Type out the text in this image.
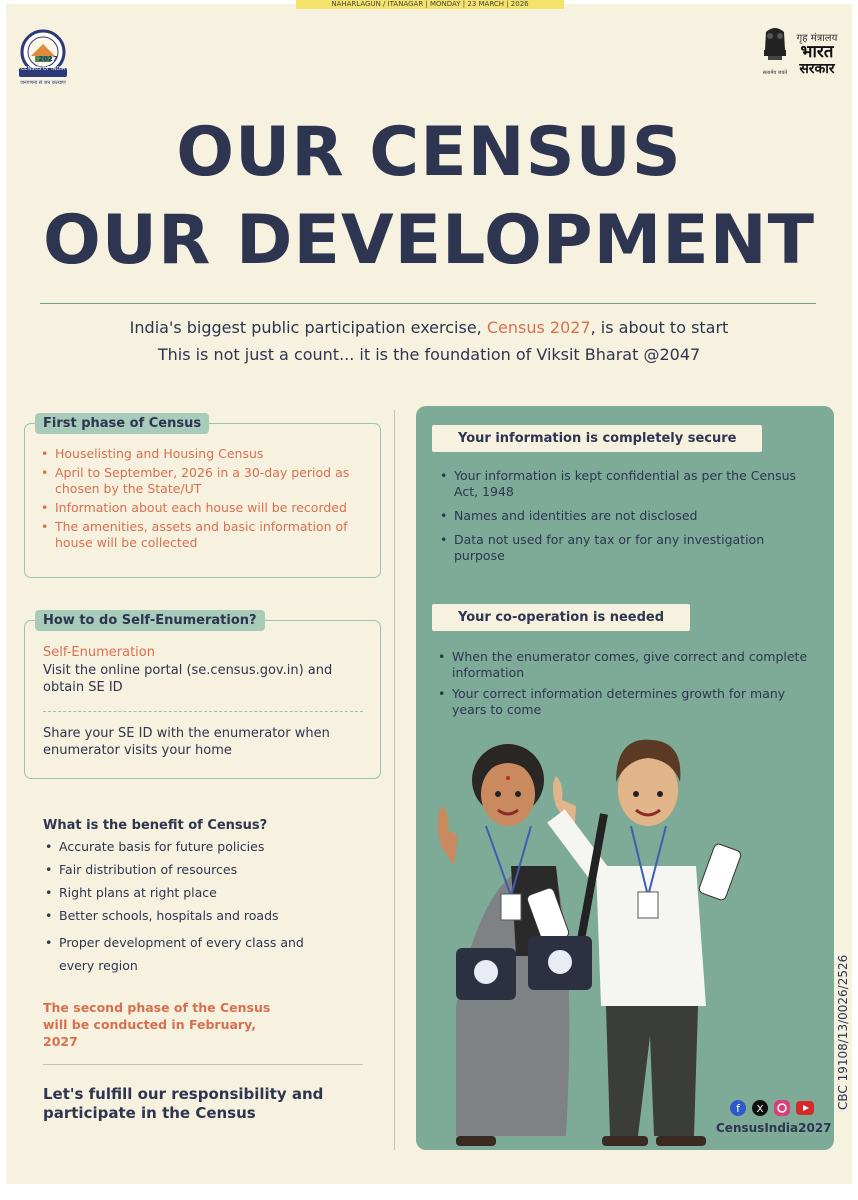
NAHARLAGUN / ITANAGAR | MONDAY | 23 MARCH | 2026
2027
CENSUS OF INDIA
जनगणना से जन कल्याण
सत्यमेव जयते
गृह मंत्रालय
भारत
सरकार
OUR CENSUS
OUR DEVELOPMENT
India's biggest public participation exercise, Census 2027, is about to start
This is not just a count... it is the foundation of Viksit Bharat @2047
• Houselisting and Housing Census
• April to September, 2026 in a 30-day period as chosen by the State/UT
• Information about each house will be recorded
• The amenities, assets and basic information of house will be collected
First phase of Census
Self-Enumeration
Visit the online portal (se.census.gov.in) and obtain SE ID
Share your SE ID with the enumerator when enumerator visits your home
How to do Self-Enumeration?
What is the benefit of Census?
• Accurate basis for future policies
• Fair distribution of resources
• Right plans at right place
• Better schools, hospitals and roads
• Proper development of every class and every region
The second phase of the Census will be conducted in February, 2027
Let's fulfill our responsibility and participate in the Census
• Your information is kept confidential as per the Census Act, 1948
• Names and identities are not disclosed
• Data not used for any tax or for any investigation purpose
• When the enumerator comes, give correct and complete information
• Your correct information determines growth for many years to come
Your information is completely secure
Your co-operation is needed
f X
CensusIndia2027
CBC 19108/13/0026/2526
